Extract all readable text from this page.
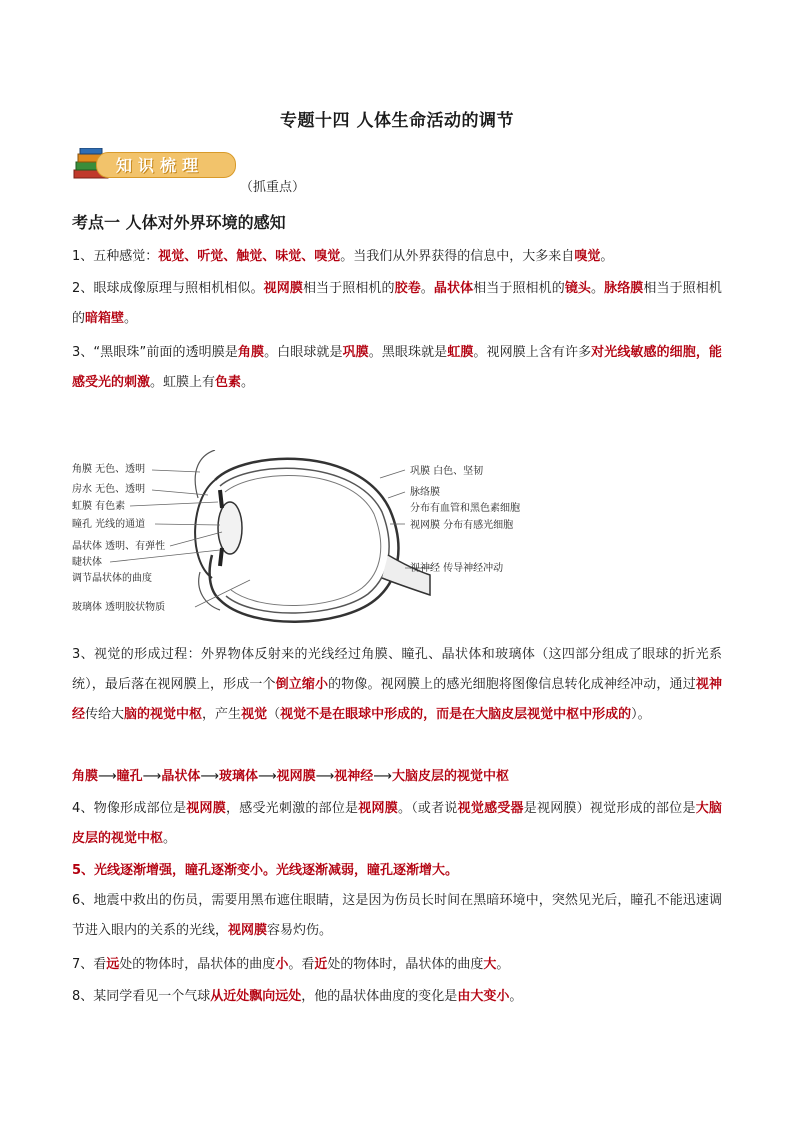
专题十四 人体生命活动的调节
知识梳理
（抓重点）
考点一 人体对外界环境的感知
1、五种感觉：视觉、听觉、触觉、味觉、嗅觉。当我们从外界获得的信息中，大多来自嗅觉。
2、眼球成像原理与照相机相似。视网膜相当于照相机的胶卷。晶状体相当于照相机的镜头。脉络膜相当于照相机的暗箱壁。
3、“黑眼珠”前面的透明膜是角膜。白眼球就是巩膜。黑眼珠就是虹膜。视网膜上含有许多对光线敏感的细胞，能感受光的刺激。虹膜上有色素。
角膜 无色、透明
房水 无色、透明
虹膜 有色素
瞳孔 光线的通道
晶状体 透明、有弹性
睫状体
调节晶状体的曲度
玻璃体 透明胶状物质
巩膜 白色、坚韧
脉络膜
分布有血管和黑色素细胞
视网膜 分布有感光细胞
视神经 传导神经冲动
3、视觉的形成过程：外界物体反射来的光线经过角膜、瞳孔、晶状体和玻璃体（这四部分组成了眼球的折光系统），最后落在视网膜上，形成一个倒立缩小的物像。视网膜上的感光细胞将图像信息转化成神经冲动，通过视神经传给大脑的视觉中枢，产生视觉（视觉不是在眼球中形成的，而是在大脑皮层视觉中枢中形成的）。
角膜⟶瞳孔⟶晶状体⟶玻璃体⟶视网膜⟶视神经⟶大脑皮层的视觉中枢
4、物像形成部位是视网膜，感受光刺激的部位是视网膜。（或者说视觉感受器是视网膜）视觉形成的部位是大脑皮层的视觉中枢。
5、光线逐渐增强，瞳孔逐渐变小。光线逐渐减弱，瞳孔逐渐增大。
6、地震中救出的伤员，需要用黑布遮住眼睛，这是因为伤员长时间在黑暗环境中，突然见光后，瞳孔不能迅速调节进入眼内的关系的光线，视网膜容易灼伤。
7、看远处的物体时，晶状体的曲度小。看近处的物体时，晶状体的曲度大。
8、某同学看见一个气球从近处飘向远处，他的晶状体曲度的变化是由大变小。
